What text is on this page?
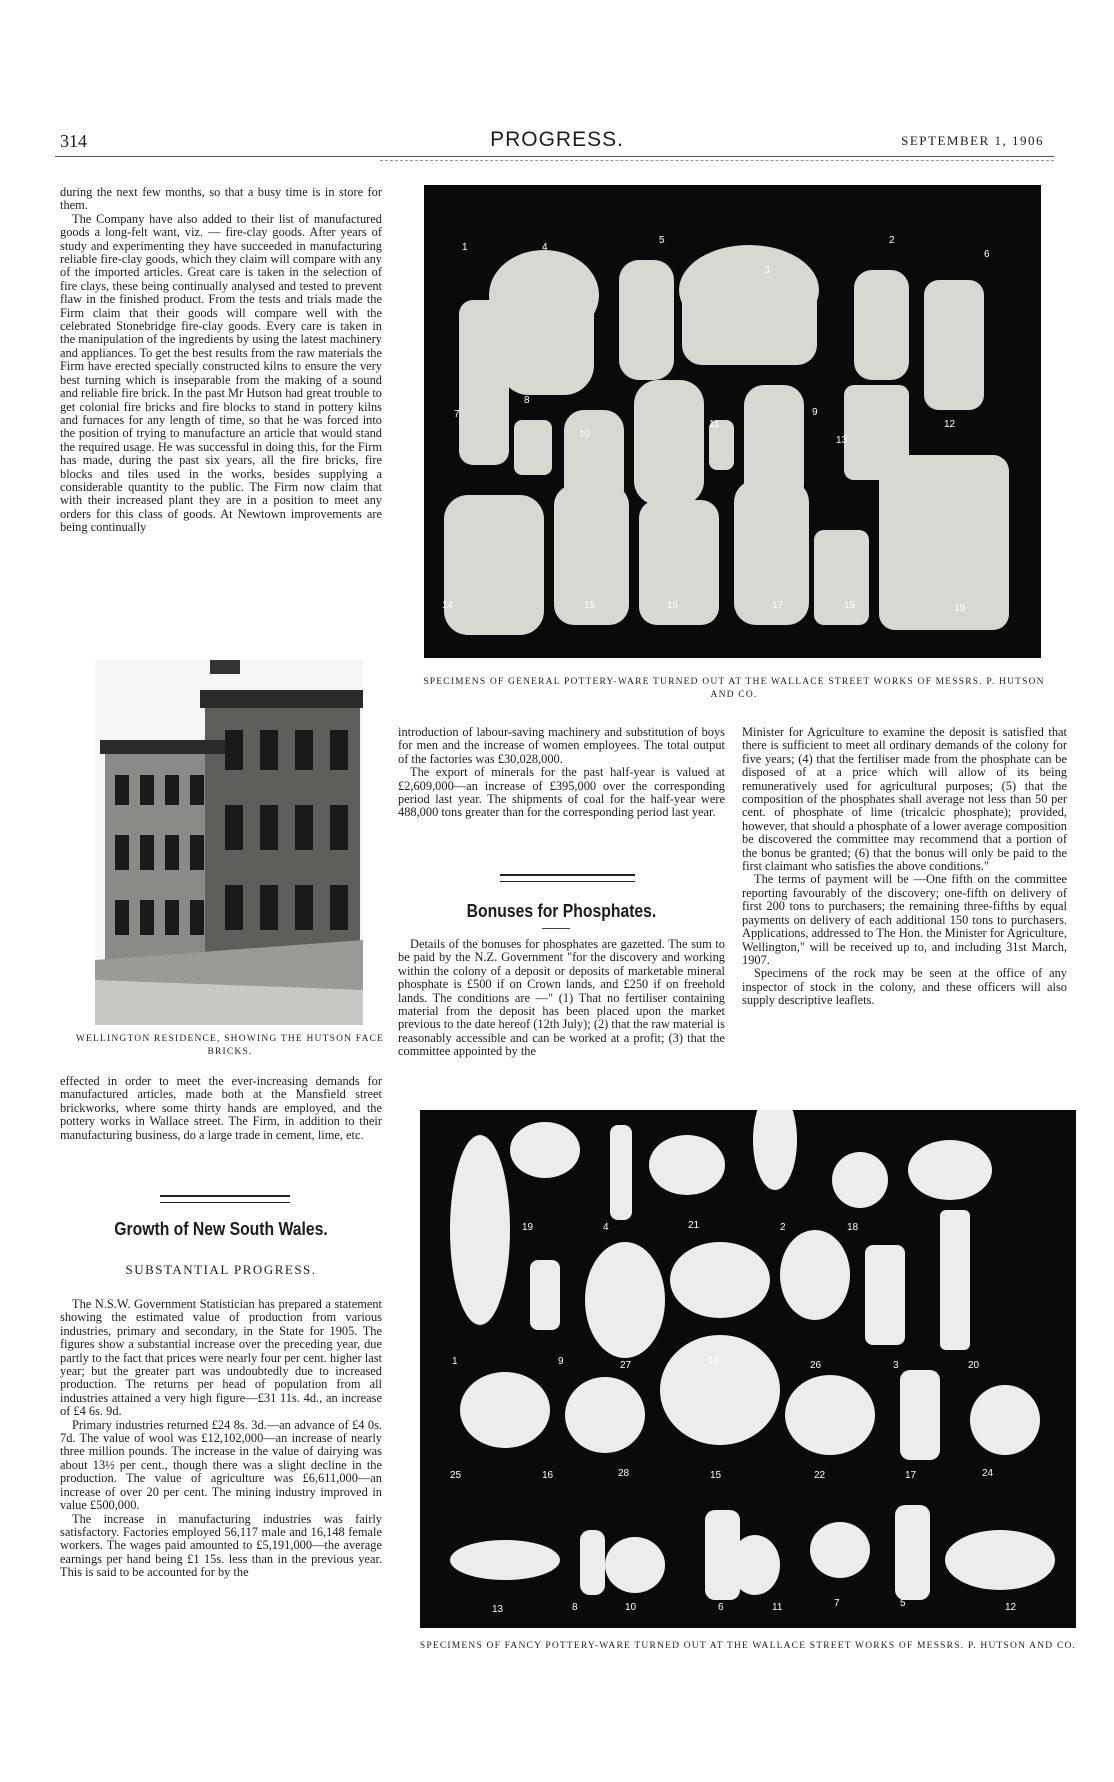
314	PROGRESS.	SEPTEMBER 1, 1906

during the next few months, so that a busy time is in store for them.

The Company have also added to their list of manufactured goods a long-felt want, viz. — fire-clay goods. After years of study and experimenting they have succeeded in manufacturing reliable fire-clay goods, which they claim will compare with any of the imported articles. Great care is taken in the selection of fire clays, these being continually analysed and tested to prevent flaw in the finished product. From the tests and trials made the Firm claim that their goods will compare well with the celebrated Stonebridge fire-clay goods. Every care is taken in the manipulation of the ingredients by using the latest machinery and appliances. To get the best results from the raw materials the Firm have erected specially constructed kilns to ensure the very best turning which is inseparable from the making of a sound and reliable fire brick. In the past Mr Hutson had great trouble to get colonial fire bricks and fire blocks to stand in pottery kilns and furnaces for any length of time, so that he was forced into the position of trying to manufacture an article that would stand the required usage. He was successful in doing this, for the Firm has made, during the past six years, all the fire bricks, fire blocks and tiles used in the works, besides supplying a considerable quantity to the public. The Firm now claim that with their increased plant they are in a position to meet any orders for this class of goods. At Newtown improvements are being continually

1	4
5
3
2
6
7
8
10
11
9
13
12
14	15	16	17	18	19
SPECIMENS OF GENERAL POTTERY-WARE TURNED OUT AT THE WALLACE STREET WORKS OF MESSRS. P. HUTSON AND CO.
WELLINGTON RESIDENCE, SHOWING THE HUTSON FACE BRICKS.

effected in order to meet the ever-increasing demands for manufactured articles, made both at the Mansfield street brickworks, where some thirty hands are employed, and the pottery works in Wallace street. The Firm, in addition to their manufacturing business, do a large trade in cement, lime, etc.

Growth of New South Wales.
SUBSTANTIAL PROGRESS.

The N.S.W. Government Statistician has prepared a statement showing the estimated value of production from various industries, primary and secondary, in the State for 1905. The figures show a substantial increase over the preceding year, due partly to the fact that prices were nearly four per cent. higher last year; but the greater part was undoubtedly due to increased production. The returns per head of population from all industries attained a very high figure—£31 11s. 4d., an increase of £4 6s. 9d.

Primary industries returned £24 8s. 3d.—an advance of £4 0s. 7d. The value of wool was £12,102,000—an increase of nearly three million pounds. The increase in the value of dairying was about 13½ per cent., though there was a slight decline in the production. The value of agriculture was £6,611,000—an increase of over 20 per cent. The mining industry improved in value £500,000.

The increase in manufacturing industries was fairly satisfactory. Factories employed 56,117 male and 16,148 female workers. The wages paid amounted to £5,191,000—the average earnings per hand being £1 15s. less than in the previous year. This is said to be accounted for by the

introduction of labour-saving machinery and substitution of boys for men and the increase of women employees. The total output of the factories was £30,028,000.

The export of minerals for the past half-year is valued at £2,609,000—an increase of £395,000 over the corresponding period last year. The shipments of coal for the half-year were 488,000 tons greater than for the corresponding period last year.

Bonuses for Phosphates.

Details of the bonuses for phosphates are gazetted. The sum to be paid by the N.Z. Government "for the discovery and working within the colony of a deposit or deposits of marketable mineral phosphate is £500 if on Crown lands, and £250 if on freehold lands. The conditions are —" (1) That no fertiliser containing material from the deposit has been placed upon the market previous to the date hereof (12th July); (2) that the raw material is reasonably accessible and can be worked at a profit; (3) that the committee appointed by the

Minister for Agriculture to examine the deposit is satisfied that there is sufficient to meet all ordinary demands of the colony for five years; (4) that the fertiliser made from the phosphate can be disposed of at a price which will allow of its being remuneratively used for agricultural purposes; (5) that the composition of the phosphates shall average not less than 50 per cent. of phosphate of lime (tricalcic phosphate); provided, however, that should a phosphate of a lower average composition be discovered the committee may recommend that a portion of the bonus be granted; (6) that the bonus will only be paid to the first claimant who satisfies the above conditions."

The terms of payment will be —One fifth on the committee reporting favourably of the discovery; one-fifth on delivery of first 200 tons to purchasers; the remaining three-fifths by equal payments on delivery of each additional 150 tons to purchasers. Applications, addressed to The Hon. the Minister for Agriculture, Wellington," will be received up to, and including 31st March, 1907.

Specimens of the rock may be seen at the office of any inspector of stock in the colony, and these officers will also supply descriptive leaflets.

19	4	21	2	18
1	9	27	14	26	3	20
25	16	28	15	22	17	24
13	8	10	6	11	7	5	12
SPECIMENS OF FANCY POTTERY-WARE TURNED OUT AT THE WALLACE STREET WORKS OF MESSRS. P. HUTSON AND CO.
